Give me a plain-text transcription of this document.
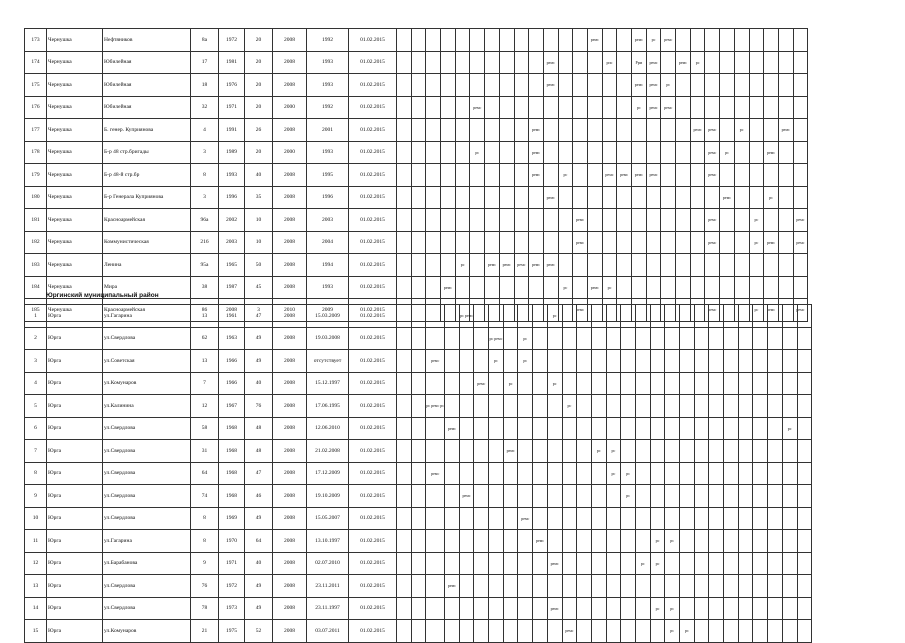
173	Чернушка	Нефтяников	8а	1972	20	2008	1992	01.02.2015														ремс			ремс	рс	ремс									
174	Чернушка	Юбилейная	17	1981	20	2008	1993	01.02.2015											ремс				рпс		Ррм	ремс		ремс	рс							
175	Чернушка	Юбилейная	18	1976	20	2008	1993	01.02.2015											ремс						ремс	ремс	рс									
176	Чернушка	Юбилейная	32	1971	20	2000	1992	01.02.2015						ремс											рс	ремс	ремс									
177	Чернушка	Б. генер. Куприянова	4	1991	26	2008	2001	01.02.2015										ремс											ремс	ремс		рс			ремс	
178	Чернушка	Б-р 48 стр.бригады	3	1989	20	2000	1993	01.02.2015						рс				ремс												ремс	рс			ремс		
179	Чернушка	Б-р 48-й стр.бр	8	1993	40	2008	1995	01.02.2015										ремс		рс			ремс	ремс	ремс	ремс				ремс						
180	Чернушка	Б-р Генерала Куприянова	3	1996	35	2008	1996	01.02.2015											ремс												ремс			рс		
181	Чернушка	Красноармейская	96а	2002	10	2008	2003	01.02.2015													ремс									ремс			рс			ремс
182	Чернушка	Коммунистическая	216	2003	10	2008	2004	01.02.2015													ремс									ремс			рс	ремс		ремс
183	Чернушка	Ленина	95а	1965	50	2008	1994	01.02.2015					рс		ремс	ремс	ремс	ремс	ремс																	
184	Чернушка	Мира	38	1987	45	2008	1993	01.02.2015				ремс								рс		ремс	рс													
185	Чернушка	Красноармейская	86	2008	3	2010	2009	01.02.2015													ремс									ремс			рс	ремс		ремс
Юргинский муниципальный район
1	Юрга	ул.Гагарина	13	1961	47	2008	15.03.2009	01.02.2015					рс ремс						рс																	
2	Юрга	ул.Свердлова	62	1963	49	2008	19.03.2008	01.02.2015							рс ремс		рс																			
3	Юрга	ул.Советская	13	1966	49	2008	отсутствует	01.02.2015			ремс				рс		рс																			
4	Юрга	ул.Комунаров	7	1966	40	2008	15.12.1997	01.02.2015						ремс		рс			рс																	
5	Юрга	ул.Калинина	12	1967	76	2008	17.06.1995	01.02.2015			рс ремс рс									рс																
6	Юрга	ул.Свердлова	58	1968	48	2008	12.06.2010	01.02.2015				ремс																							рс	
7	Юрга	ул.Свердлова	31	1968	48	2008	21.02.2008	01.02.2015								ремс						рс	рс													
8	Юрга	ул.Свердлова	64	1968	47	2008	17.12.2009	01.02.2015			ремс												рс	рс												
9	Юрга	ул.Свердлова	74	1968	46	2008	19.10.2009	01.02.2015					ремс											рс												
10	Юрга	ул.Свердлова	8	1969	49	2008	15.05.2007	01.02.2015									ремс																			
11	Юрга	ул.Гагарина	8	1970	64	2008	13.10.1997	01.02.2015										ремс								рс	рс									
12	Юрга	ул.Барабанова	9	1971	40	2008	02.07.2010	01.02.2015											ремс						рс	рс										
13	Юрга	ул.Свердлова	76	1972	49	2008	23.11.2011	01.02.2015				ремс																								
14	Юрга	ул.Свердлова	78	1973	49	2008	23.11.1997	01.02.2015											ремс							рс	рс									
15	Юрга	ул.Комунаров	21	1975	52	2008	03.07.2011	01.02.2015												ремс							рс	рс								
